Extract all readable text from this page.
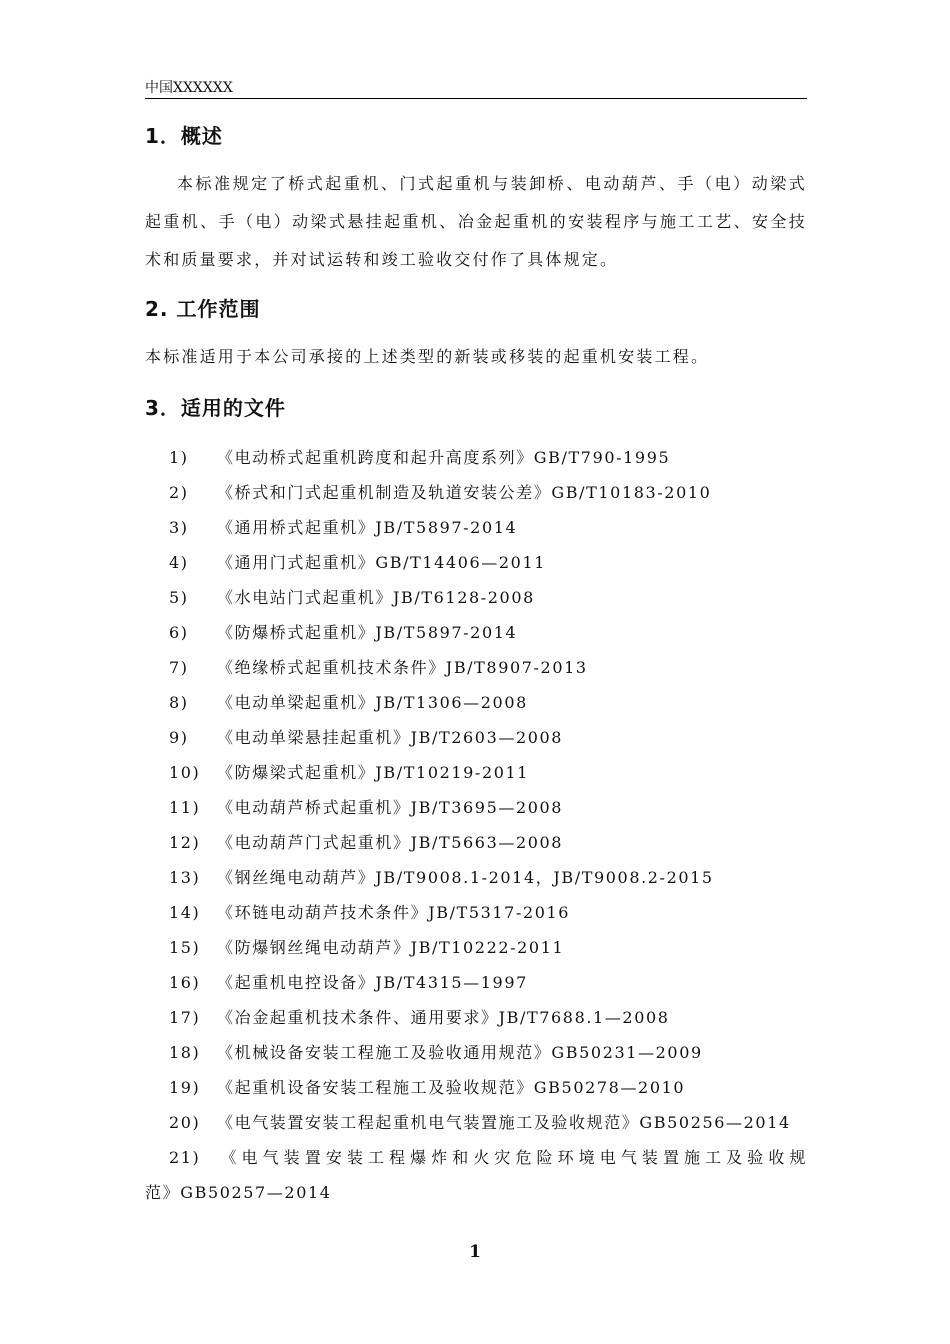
中国XXXXXX
1．概述
本标准规定了桥式起重机、门式起重机与装卸桥、电动葫芦、手（电）动梁式起重机、手（电）动梁式悬挂起重机、冶金起重机的安装程序与施工工艺、安全技术和质量要求，并对试运转和竣工验收交付作了具体规定。
2. 工作范围
本标准适用于本公司承接的上述类型的新装或移装的起重机安装工程。
3．适用的文件
1) 《电动桥式起重机跨度和起升高度系列》GB/T790-1995
2) 《桥式和门式起重机制造及轨道安装公差》GB/T10183-2010
3) 《通用桥式起重机》JB/T5897-2014
4) 《通用门式起重机》GB/T14406—2011
5) 《水电站门式起重机》JB/T6128-2008
6) 《防爆桥式起重机》JB/T5897-2014
7) 《绝缘桥式起重机技术条件》JB/T8907-2013
8) 《电动单梁起重机》JB/T1306—2008
9) 《电动单梁悬挂起重机》JB/T2603—2008
10) 《防爆梁式起重机》JB/T10219-2011
11) 《电动葫芦桥式起重机》JB/T3695—2008
12) 《电动葫芦门式起重机》JB/T5663—2008
13) 《钢丝绳电动葫芦》JB/T9008.1-2014，JB/T9008.2-2015
14) 《环链电动葫芦技术条件》JB/T5317-2016
15) 《防爆钢丝绳电动葫芦》JB/T10222-2011
16) 《起重机电控设备》JB/T4315—1997
17) 《冶金起重机技术条件、通用要求》JB/T7688.1—2008
18) 《机械设备安装工程施工及验收通用规范》GB50231—2009
19) 《起重机设备安装工程施工及验收规范》GB50278—2010
20) 《电气装置安装工程起重机电气装置施工及验收规范》GB50256—2014
21) 《电气装置安装工程爆炸和火灾危险环境电气装置施工及验收规
范》GB50257—2014
1
